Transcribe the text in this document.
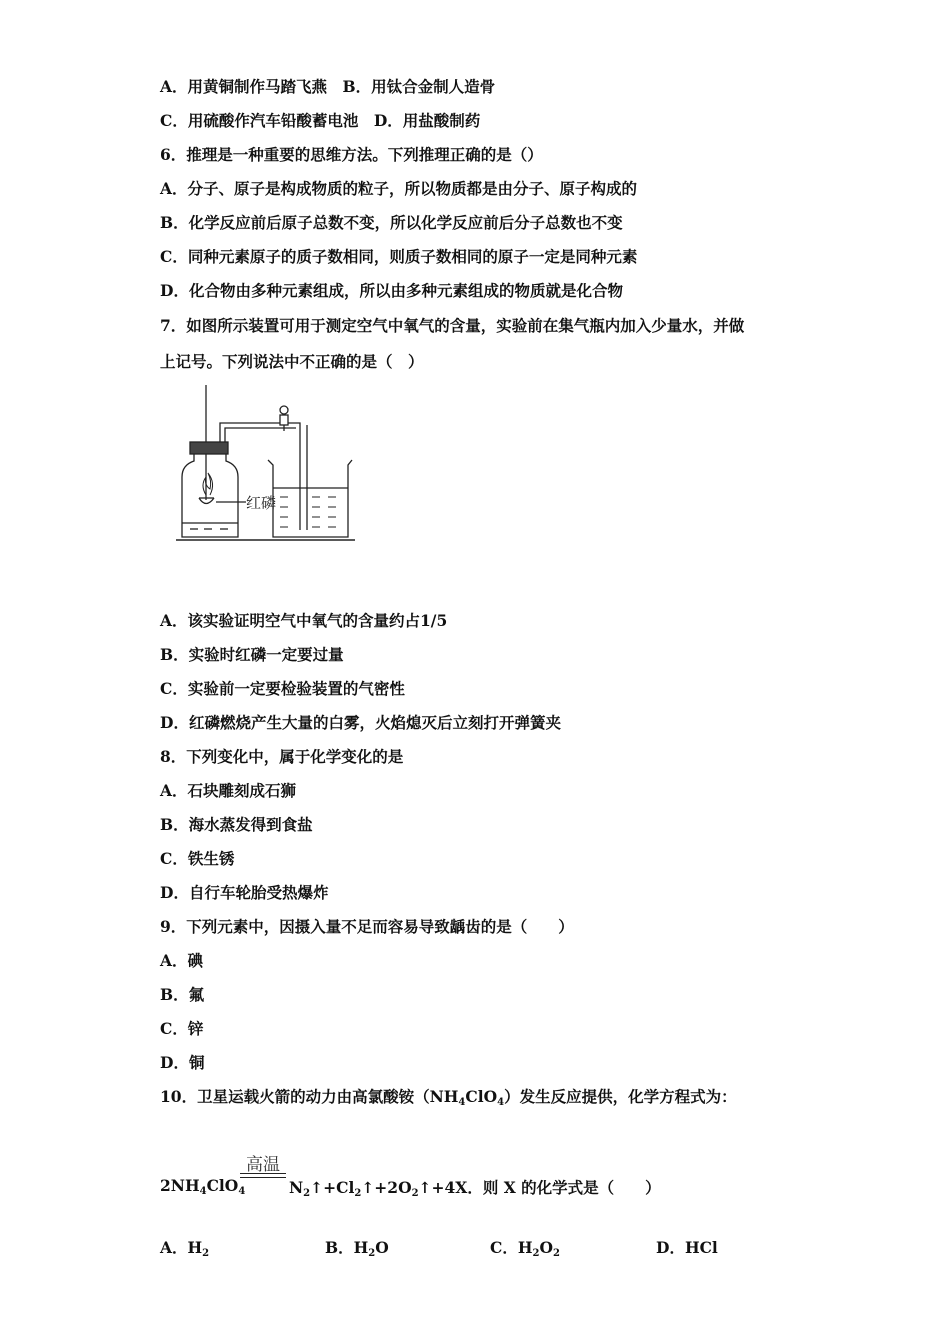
A．用黄铜制作马踏飞燕　B．用钛合金制人造骨
C．用硫酸作汽车铅酸蓄电池　D．用盐酸制药
6．推理是一种重要的思维方法。下列推理正确的是（）
A．分子、原子是构成物质的粒子，所以物质都是由分子、原子构成的
B．化学反应前后原子总数不变，所以化学反应前后分子总数也不变
C．同种元素原子的质子数相同，则质子数相同的原子一定是同种元素
D．化合物由多种元素组成，所以由多种元素组成的物质就是化合物
7．如图所示装置可用于测定空气中氧气的含量，实验前在集气瓶内加入少量水，并做
上记号。下列说法中不正确的是（　）
红磷
A．该实验证明空气中氧气的含量约占1/5
B．实验时红磷一定要过量
C．实验前一定要检验装置的气密性
D．红磷燃烧产生大量的白雾，火焰熄灭后立刻打开弹簧夹
8．下列变化中，属于化学变化的是
A．石块雕刻成石狮
B．海水蒸发得到食盐
C．铁生锈
D．自行车轮胎受热爆炸
9．下列元素中，因摄入量不足而容易导致龋齿的是（　　）
A．碘
B．氟
C．锌
D．铜
10．卫星运载火箭的动力由高氯酸铵$(NH_4ClO_4)$发生反应提供，化学方程式为：
$2NH_4ClO_4$
高温
$N_2↑+Cl_2↑+2O_2↑+4X$．则 X 的化学式是（　　）
A．$H_2$	B．$H_2O$	C．$H_2O_2$	D．HCl
